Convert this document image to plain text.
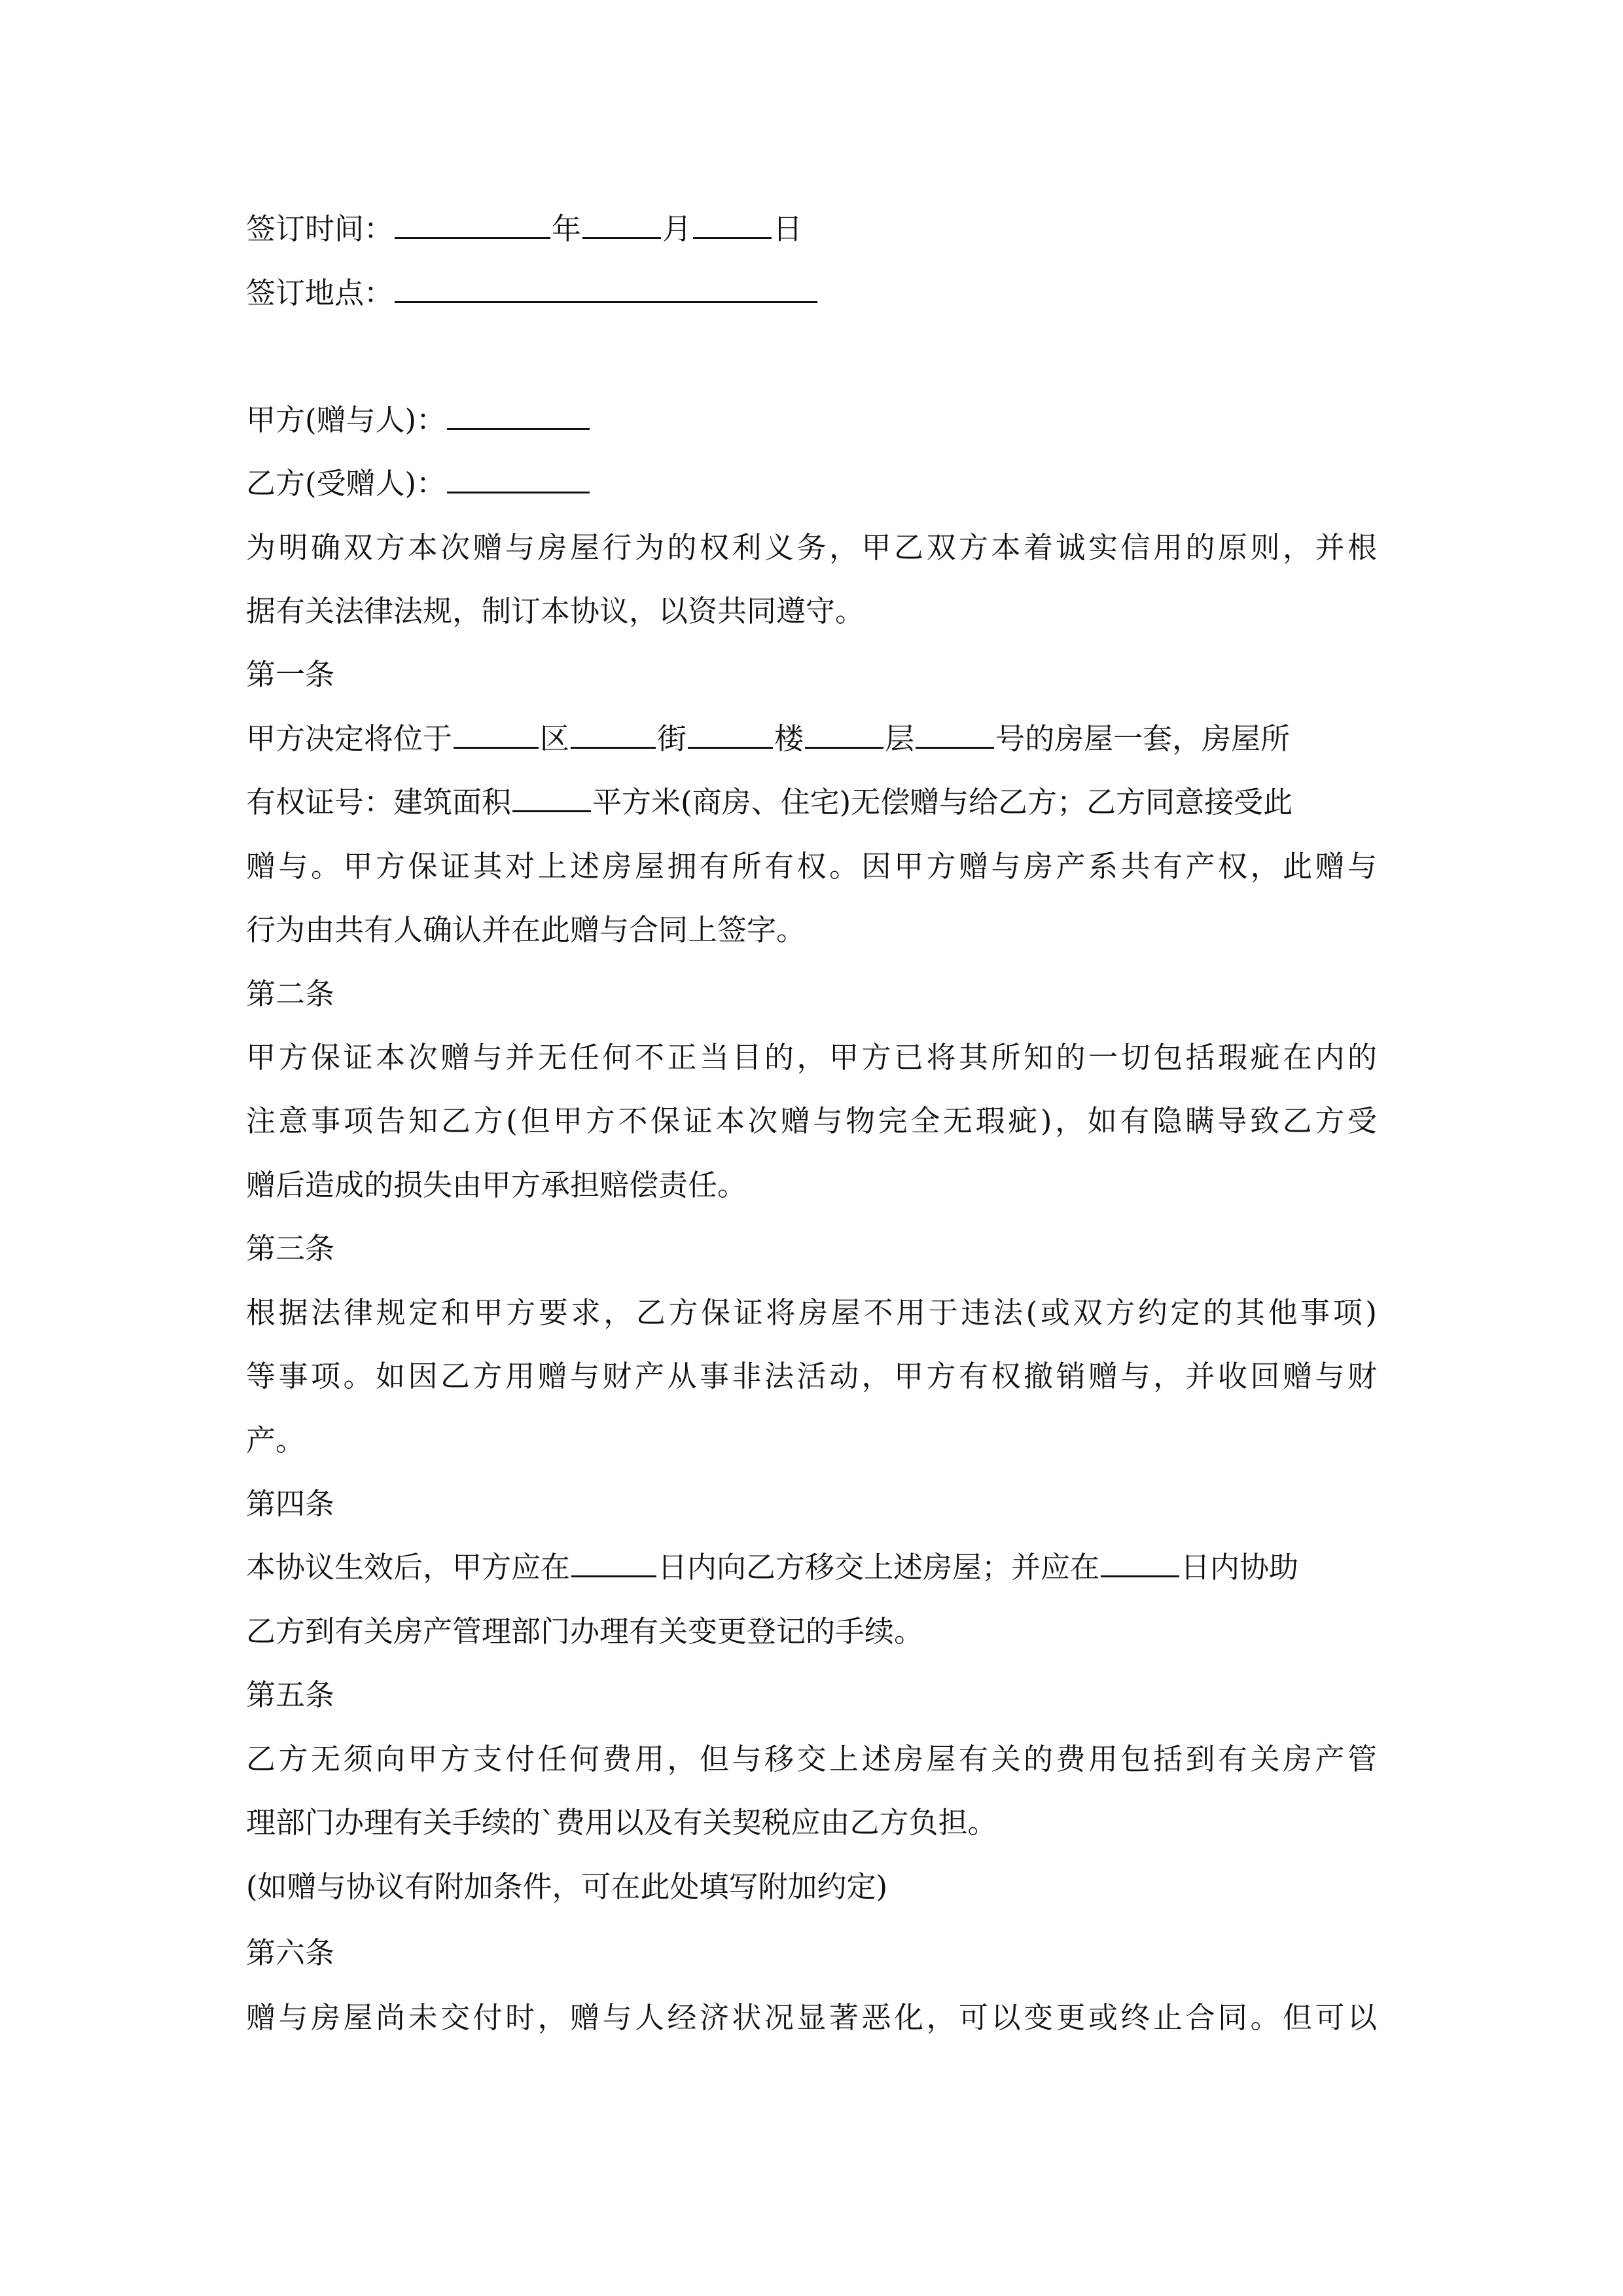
签订时间：	年	月	日
签订地点：
甲方(赠与人)：
乙方(受赠人)：
为明确双方本次赠与房屋行为的权利义务，甲乙双方本着诚实信用的原则，并根
据有关法律法规，制订本协议，以资共同遵守。
第一条
甲方决定将位于	区	街	楼	层	号的房屋一套，房屋所
有权证号：建筑面积	平方米(商房、住宅)无偿赠与给乙方；乙方同意接受此
赠与。甲方保证其对上述房屋拥有所有权。因甲方赠与房产系共有产权，此赠与
行为由共有人确认并在此赠与合同上签字。
第二条
甲方保证本次赠与并无任何不正当目的，甲方已将其所知的一切包括瑕疵在内的
注意事项告知乙方(但甲方不保证本次赠与物完全无瑕疵)，如有隐瞒导致乙方受
赠后造成的损失由甲方承担赔偿责任。
第三条
根据法律规定和甲方要求，乙方保证将房屋不用于违法(或双方约定的其他事项)
等事项。如因乙方用赠与财产从事非法活动，甲方有权撤销赠与，并收回赠与财
产。
第四条
本协议生效后，甲方应在	日内向乙方移交上述房屋；并应在	日内协助
乙方到有关房产管理部门办理有关变更登记的手续。
第五条
乙方无须向甲方支付任何费用，但与移交上述房屋有关的费用包括到有关房产管
理部门办理有关手续的`费用以及有关契税应由乙方负担。
(如赠与协议有附加条件，可在此处填写附加约定)
第六条
赠与房屋尚未交付时，赠与人经济状况显著恶化，可以变更或终止合同。但可以
